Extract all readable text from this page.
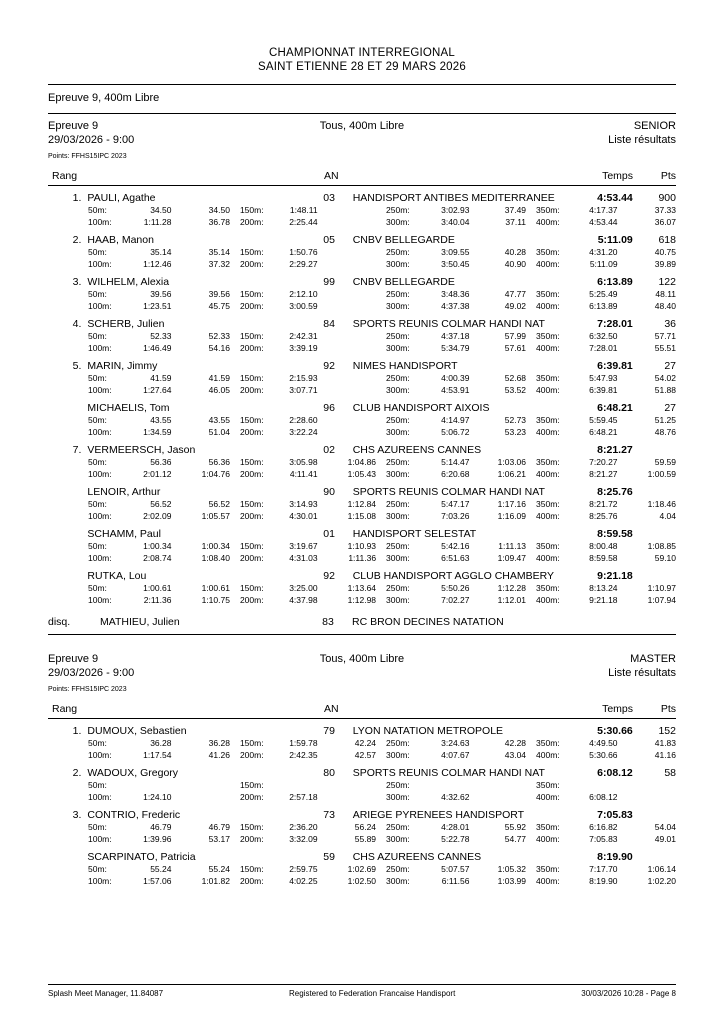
CHAMPIONNAT INTERREGIONAL
SAINT ETIENNE 28 ET 29 MARS 2026
Epreuve 9, 400m Libre
Tous, 400m Libre
Epreuve 9	SENIOR
29/03/2026 - 9:00	Liste résultats
Points: FFHS15IPC 2023
Rang	AN	Temps	Pts
1. PAULI, Agathe	03	HANDISPORT ANTIBES MEDITERRANEE	4:53.44	900
50m:	34.50	34.50	150m:	1:48.11	250m:	3:02.93	37.49	350m:	4:17.37	37.33
100m:	1:11.28	36.78	200m:	2:25.44	300m:	3:40.04	37.11	400m:	4:53.44	36.07
2. HAAB, Manon	05	CNBV BELLEGARDE	5:11.09	618
50m:	35.14	35.14	150m:	1:50.76	250m:	3:09.55	40.28	350m:	4:31.20	40.75
100m:	1:12.46	37.32	200m:	2:29.27	300m:	3:50.45	40.90	400m:	5:11.09	39.89
3. WILHELM, Alexia	99	CNBV BELLEGARDE	6:13.89	122
50m:	39.56	39.56	150m:	2:12.10	250m:	3:48.36	47.77	350m:	5:25.49	48.11
100m:	1:23.51	45.75	200m:	3:00.59	300m:	4:37.38	49.02	400m:	6:13.89	48.40
4. SCHERB, Julien	84	SPORTS REUNIS COLMAR HANDI NAT	7:28.01	36
50m:	52.33	52.33	150m:	2:42.31	250m:	4:37.18	57.99	350m:	6:32.50	57.71
100m:	1:46.49	54.16	200m:	3:39.19	300m:	5:34.79	57.61	400m:	7:28.01	55.51
5. MARIN, Jimmy	92	NIMES HANDISPORT	6:39.81	27
50m:	41.59	41.59	150m:	2:15.93	250m:	4:00.39	52.68	350m:	5:47.93	54.02
100m:	1:27.64	46.05	200m:	3:07.71	300m:	4:53.91	53.52	400m:	6:39.81	51.88
MICHAELIS, Tom	96	CLUB HANDISPORT AIXOIS	6:48.21	27
50m:	43.55	43.55	150m:	2:28.60	250m:	4:14.97	52.73	350m:	5:59.45	51.25
100m:	1:34.59	51.04	200m:	3:22.24	300m:	5:06.72	53.23	400m:	6:48.21	48.76
7. VERMEERSCH, Jason	02	CHS AZUREENS CANNES	8:21.27
50m:	56.36	56.36	150m:	3:05.98	1:04.86	250m:	5:14.47	1:03.06	350m:	7:20.27	59.59
100m:	2:01.12	1:04.76	200m:	4:11.41	1:05.43	300m:	6:20.68	1:06.21	400m:	8:21.27	1:00.59
LENOIR, Arthur	90	SPORTS REUNIS COLMAR HANDI NAT	8:25.76
50m:	56.52	56.52	150m:	3:14.93	1:12.84	250m:	5:47.17	1:17.16	350m:	8:21.72	1:18.46
100m:	2:02.09	1:05.57	200m:	4:30.01	1:15.08	300m:	7:03.26	1:16.09	400m:	8:25.76	4.04
SCHAMM, Paul	01	HANDISPORT SELESTAT	8:59.58
50m:	1:00.34	1:00.34	150m:	3:19.67	1:10.93	250m:	5:42.16	1:11.13	350m:	8:00.48	1:08.85
100m:	2:08.74	1:08.40	200m:	4:31.03	1:11.36	300m:	6:51.63	1:09.47	400m:	8:59.58	59.10
RUTKA, Lou	92	CLUB HANDISPORT AGGLO CHAMBERY	9:21.18
50m:	1:00.61	1:00.61	150m:	3:25.00	1:13.64	250m:	5:50.26	1:12.28	350m:	8:13.24	1:10.97
100m:	2:11.36	1:10.75	200m:	4:37.98	1:12.98	300m:	7:02.27	1:12.01	400m:	9:21.18	1:07.94
disq.	MATHIEU, Julien	83	RC BRON DECINES NATATION
Tous, 400m Libre
Epreuve 9	MASTER
29/03/2026 - 9:00	Liste résultats
Points: FFHS15IPC 2023
Rang	AN	Temps	Pts
1. DUMOUX, Sebastien	79	LYON NATATION METROPOLE	5:30.66	152
50m:	36.28	36.28	150m:	1:59.78	42.24	250m:	3:24.63	42.28	350m:	4:49.50	41.83
100m:	1:17.54	41.26	200m:	2:42.35	42.57	300m:	4:07.67	43.04	400m:	5:30.66	41.16
2. WADOUX, Gregory	80	SPORTS REUNIS COLMAR HANDI NAT	6:08.12	58
50m:	150m:	250m:	350m:
100m:	1:24.10	200m:	2:57.18	300m:	4:32.62	400m:	6:08.12
3. CONTRIO, Frederic	73	ARIEGE PYRENEES HANDISPORT	7:05.83
50m:	46.79	46.79	150m:	2:36.20	56.24	250m:	4:28.01	55.92	350m:	6:16.82	54.04
100m:	1:39.96	53.17	200m:	3:32.09	55.89	300m:	5:22.78	54.77	400m:	7:05.83	49.01
SCARPINATO, Patricia	59	CHS AZUREENS CANNES	8:19.90
50m:	55.24	55.24	150m:	2:59.75	1:02.69	250m:	5:07.57	1:05.32	350m:	7:17.70	1:06.14
100m:	1:57.06	1:01.82	200m:	4:02.25	1:02.50	300m:	6:11.56	1:03.99	400m:	8:19.90	1:02.20
Splash Meet Manager, 11.84087	Registered to Federation Francaise Handisport	30/03/2026 10:28 - Page 8
